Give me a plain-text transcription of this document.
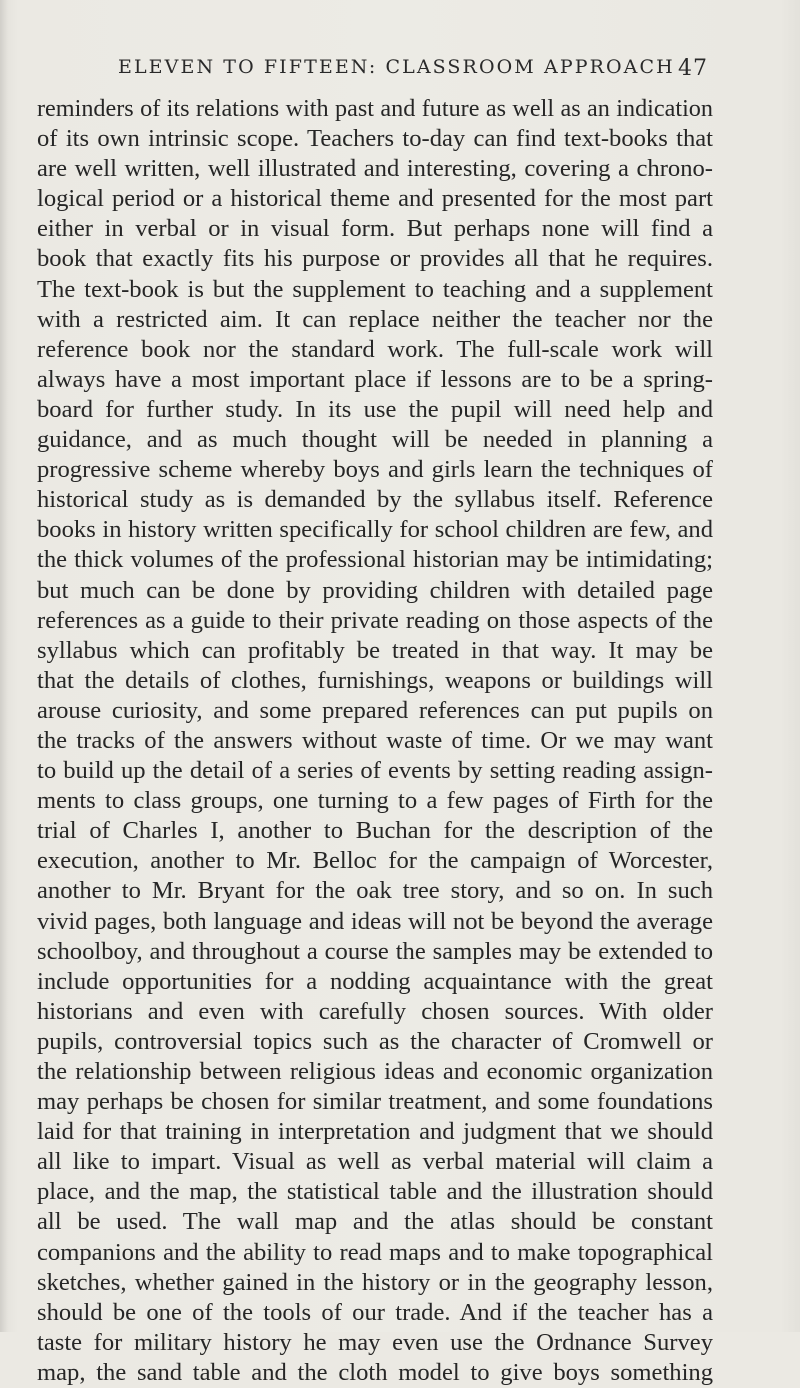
ELEVEN TO FIFTEEN: CLASSROOM APPROACH 47
reminders of its relations with past and future as well as an indication
of its own intrinsic scope. Teachers to-day can find text-books that
are well written, well illustrated and interesting, covering a chrono-
logical period or a historical theme and presented for the most part
either in verbal or in visual form. But perhaps none will find a
book that exactly fits his purpose or provides all that he requires.
The text-book is but the supplement to teaching and a supplement
with a restricted aim. It can replace neither the teacher nor the
reference book nor the standard work. The full-scale work will
always have a most important place if lessons are to be a spring-
board for further study. In its use the pupil will need help and
guidance, and as much thought will be needed in planning a
progressive scheme whereby boys and girls learn the techniques of
historical study as is demanded by the syllabus itself. Reference
books in history written specifically for school children are few, and
the thick volumes of the professional historian may be intimidating;
but much can be done by providing children with detailed page
references as a guide to their private reading on those aspects of the
syllabus which can profitably be treated in that way. It may be
that the details of clothes, furnishings, weapons or buildings will
arouse curiosity, and some prepared references can put pupils on
the tracks of the answers without waste of time. Or we may want
to build up the detail of a series of events by setting reading assign-
ments to class groups, one turning to a few pages of Firth for the
trial of Charles I, another to Buchan for the description of the
execution, another to Mr. Belloc for the campaign of Worcester,
another to Mr. Bryant for the oak tree story, and so on. In such
vivid pages, both language and ideas will not be beyond the average
schoolboy, and throughout a course the samples may be extended to
include opportunities for a nodding acquaintance with the great
historians and even with carefully chosen sources. With older
pupils, controversial topics such as the character of Cromwell or
the relationship between religious ideas and economic organization
may perhaps be chosen for similar treatment, and some foundations
laid for that training in interpretation and judgment that we should
all like to impart. Visual as well as verbal material will claim a
place, and the map, the statistical table and the illustration should
all be used. The wall map and the atlas should be constant
companions and the ability to read maps and to make topographical
sketches, whether gained in the history or in the geography lesson,
should be one of the tools of our trade. And if the teacher has a
taste for military history he may even use the Ordnance Survey
map, the sand table and the cloth model to give boys something
